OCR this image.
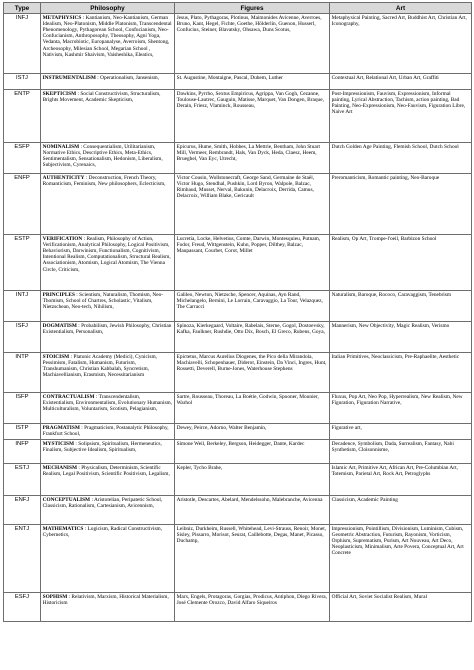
Type	Philosophy	Figures	Art
INFJ	METAPHYSICS : Kantianism, Neo-Kantianism, German Idealism, Neo-Platonism, Middle Platonism, Transcendental Phenomenology, Pythagorean School, Confucianism, Neo-Confucianism, Anthroposophy, Theosophy, Agni Yoga, Vedanta, Macrobiotic, Europanalyse, Averroism, Shentong, Archeosophy, Milesian School, Megarian School , Nativism, Kashmir Shaivism, Vaisheshika, Eleatics,	Jesus, Plato, Pythagoras, Plotinus, Maimonides Avicenne, Averroes, Bruno, Kant, Hegel, Fichte, Goethe, Hölderlin, Guenon, Husserl, Confucius, Steiner, Blavatsky, Ohsawa, Duns Scotus,	Metaphysical Painting, Sacred Art, Buddhist Art, Christian Art, Iconography,
ISTJ	INSTRUMENTALISM : Operationalism, Jansenism,	St. Augustine, Montaigne, Pascal, Duhem, Luther	Contextual Art, Relational Art, Urban Art, Graffiti
ENTP	SKEPTICISM : Social Constructivism, Structuralism, Brights Movement, Academic Skepticism,	Dawkins, Pyrrho, Sextus Empiricus, Agrippa, Van Gogh, Cezanne, Toulouse-Lautrec, Gauguin, Matisse, Marquet, Van Dongen, Braque, Derain, Friesz, Vlaminck, Rousseau,	Post-Impressionism, Fauvism, Expressionism, Informal painting, Lyrical Abstraction, Tachism, action painting, Bad Painting, Neo-Expressionism, Neo-Fauvism, Figuration Libre, Naive Art
ESFP	NOMINALISM : Consequentialism, Utilitarianism, Normative Ethics, Descriptive Ethics, Meta-Ethics, Sentimentalism, Sensationalism, Hedonism, Liberalism, Subjectivism, Cyrenaics,	Epicurus, Hume, Smith, Hobbes, La Mettrie, Bentham, John Stuart Mill, Vermeer, Rembrandt, Hals, Van Dyck, Heda, Claesz, Heem, Brueghel, Van Eyc, Utrecht,	Dutch Golden Age Painting, Flemish School, Dutch School
ENFP	AUTHENTICITY : Deconstruction, French Theory, Romanticism, Feminism, New philosophers, Eclecticism,	Victor Cousin, Wollstonecraft, George Sand, Germaine de Staël, Victor Hugo, Stendhal, Pushkin, Lord Byron, Walpole, Balzac, Rimbaud, Musset, Nerval, Bakunin, Delacroix, Derrida, Camus, Delacroix, William Blake, Gericault	Preromanticism, Romantic painting, Neo-Baroque
ESTP	VERIFICATION : Realism, Philosophy of Action, Verificationism, Analytical Philosophy, Logical Positivism, Behaviorism, Darwinism, Functionalism, Cognitivism, Intentional Realism, Computationalism, Structural Realism, Associationism, Atomism, Logical Atomism, The Vienna Circle, Criticism,	Lucretia, Locke, Helvetius, Comte, Darwin, Montesquieu, Putnam, Fodor, Freud, Wittgenstein, Kuhn, Popper, Dilthey, Balzac, Maupassant, Courbet, Corot, Millet	Realism, Op Art, Trompe-l'oeil, Barbizon School
INTJ	PRINCIPLES : Scientism, Naturalism, Thomism, Neo-Thomism, School of Chartres, Scholastic, Vitalism, Nietzschean, Neo-tech, Nihilism,	Galileo, Newton, Nietzsche, Spencer, Aquinas, Ayn Rand, Michelangelo, Bernini, Le Lorrain, Caravaggio, La Tour, Velazquez, The Carracci	Naturalism, Baroque, Rococo, Caravaggism, Tenebrism
ISFJ	DOGMATISM : Probabilism, Jewish Philosophy, Christian Existentialism, Personalism,	Spinoza, Kierkegaard, Voltaire, Rabelais, Sterne, Gogol, Dostoevsky, Kafka, Faulkner, Rushdie, Otto Dix, Bosch, El Greco, Rubens, Goya,	Mannerism, New Objectivity, Magic Realism, Verismo
INTP	STOICISM : Platonic Academy (Medici), Cynicism, Pessimism, Fatalism, Humanism, Futurism, Transhumanism, Christian Kabbalah, Syncretism, Machiavellianism, Erasmism, Necessitarianism	Epictetus, Marcus Aurelius Diogenes, the Pico della Mirandola, Machiavelli, Schopenhauer, Diderot, Einstein, Da Vinci, Ingres, Hunt, Rossetti, Deverell, Burne-Jones, Waterhouse Stephens	Italian Primitives, Neoclassicism, Pre-Raphaelite, Aesthetic
ISFP	CONTRACTUALISM : Transcendentalism, Existentialism, Environmentalism, Evolutionary Humanism, Multiculturalism, Voluntarism, Scotism, Pelagianism,	Sartre, Rousseau, Thoreau, La Boétie, Godwin, Spooner, Mounier, Warhol	Fluxus, Pop Art, Neo Pop, Hyperrealism, New Realism, New Figuration, Figuration Narrative,
ISTP	PRAGMATISM : Pragmaticism, Postanalytic Philosophy, Frankfurt School,	Dewey, Peirce, Adorno, Walter Benjamin,	Figurative art,
INFP	MYSTICISM : Solipsism, Spiritualism, Hermeneutics, Finalism, Subjective Idealism, Spiritualism,	Simone Weil, Berkeley, Bergson, Heidegger, Dante, Kardec	Decadence, Symbolism, Dada, Surrealism, Fantasy, Nabi Synthetism, Cloisonnisme,
ESTJ	MECHANISM : Physicalism, Determinism, Scientific Realism, Legal Positivism, Scientific Positivism, Legalism,	Kepler, Tycho Brahe,	Islamic Art, Primitive Art, African Art, Pre-Columbian Art, Totemism, Parietal Art, Rock Art, Petroglyphs
ENFJ	CONCEPTUALISM : Aristotelian, Peripatetic School, Classicism, Rationalism, Cartesianism, Avicennism,	Aristotle, Descartes, Abelard, Mendelssohn, Malebranche, Avicenna	Classicism, Academic Painting
ENTJ	MATHEMATICS : Logicism, Radical Constructivism, Cybernetics,	Leibniz, Durkheim, Russell, Whitehead, Levi-Strauss, Renoir, Monet, Sisley, Pissarro, Morisot, Seurat, Caillebotte, Degas, Manet, Picasso, Duchamp,	Impressionism, Pointillism, Divisionism, Luminism, Cubism, Geometric Abstraction, Futurism, Rayonism, Vorticism, Orphism, Suprematism, Purism, Art Nouveau, Art Deco, Neoplasticism, Minimalism, Arte Povera, Conceptual Art, Art Concrete
ESFJ	SOPHISM : Relativism, Marxism, Historical Materialism, Historicism	Marx, Engels, Protagoras, Gorgias, Prodicus, Antiphon, Diego Rivera, José Clemente Orozco, David Alfaro Siqueiros	Official Art, Soviet Socialist Realism, Mural
